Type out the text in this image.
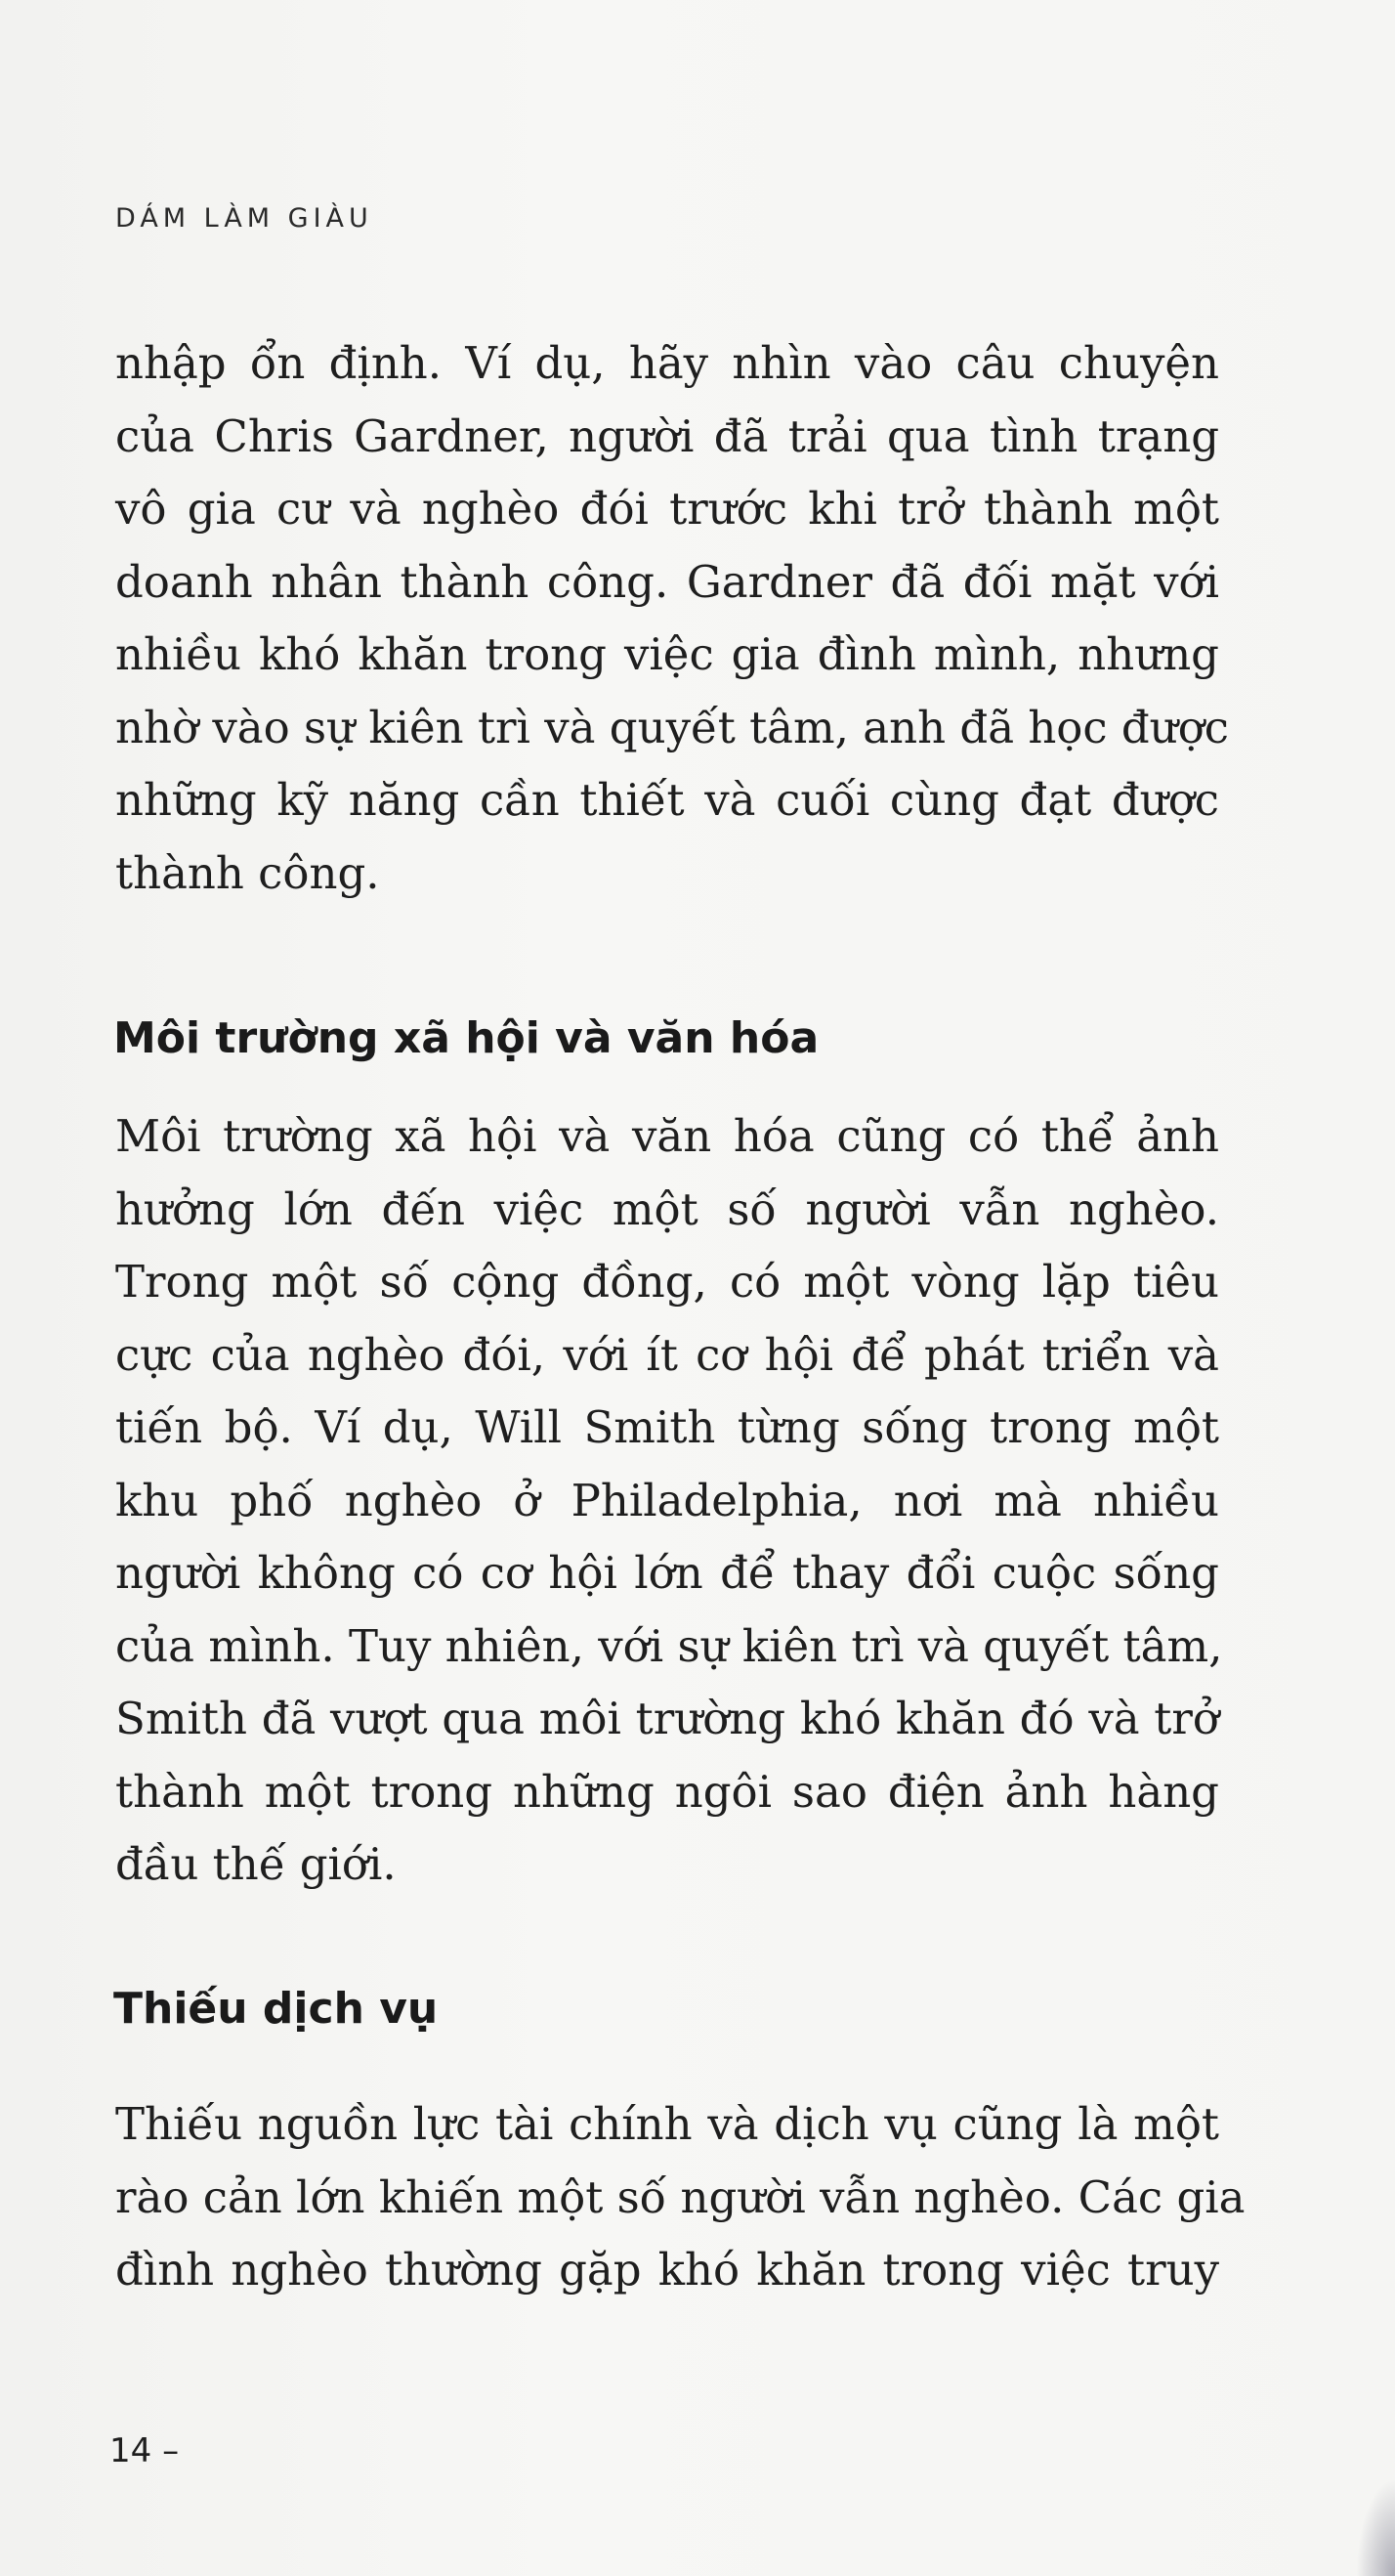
DÁM LÀM GIÀU

nhập ổn định. Ví dụ, hãy nhìn vào câu chuyện
của Chris Gardner, người đã trải qua tình trạng
vô gia cư và nghèo đói trước khi trở thành một
doanh nhân thành công. Gardner đã đối mặt với
nhiều khó khăn trong việc gia đình mình, nhưng
nhờ vào sự kiên trì và quyết tâm, anh đã học được
những kỹ năng cần thiết và cuối cùng đạt được
thành công.

Môi trường xã hội và văn hóa

Môi trường xã hội và văn hóa cũng có thể ảnh
hưởng lớn đến việc một số người vẫn nghèo.
Trong một số cộng đồng, có một vòng lặp tiêu
cực của nghèo đói, với ít cơ hội để phát triển và
tiến bộ. Ví dụ, Will Smith từng sống trong một
khu phố nghèo ở Philadelphia, nơi mà nhiều
người không có cơ hội lớn để thay đổi cuộc sống
của mình. Tuy nhiên, với sự kiên trì và quyết tâm,
Smith đã vượt qua môi trường khó khăn đó và trở
thành một trong những ngôi sao điện ảnh hàng
đầu thế giới.

Thiếu dịch vụ

Thiếu nguồn lực tài chính và dịch vụ cũng là một
rào cản lớn khiến một số người vẫn nghèo. Các gia
đình nghèo thường gặp khó khăn trong việc truy

14 –
